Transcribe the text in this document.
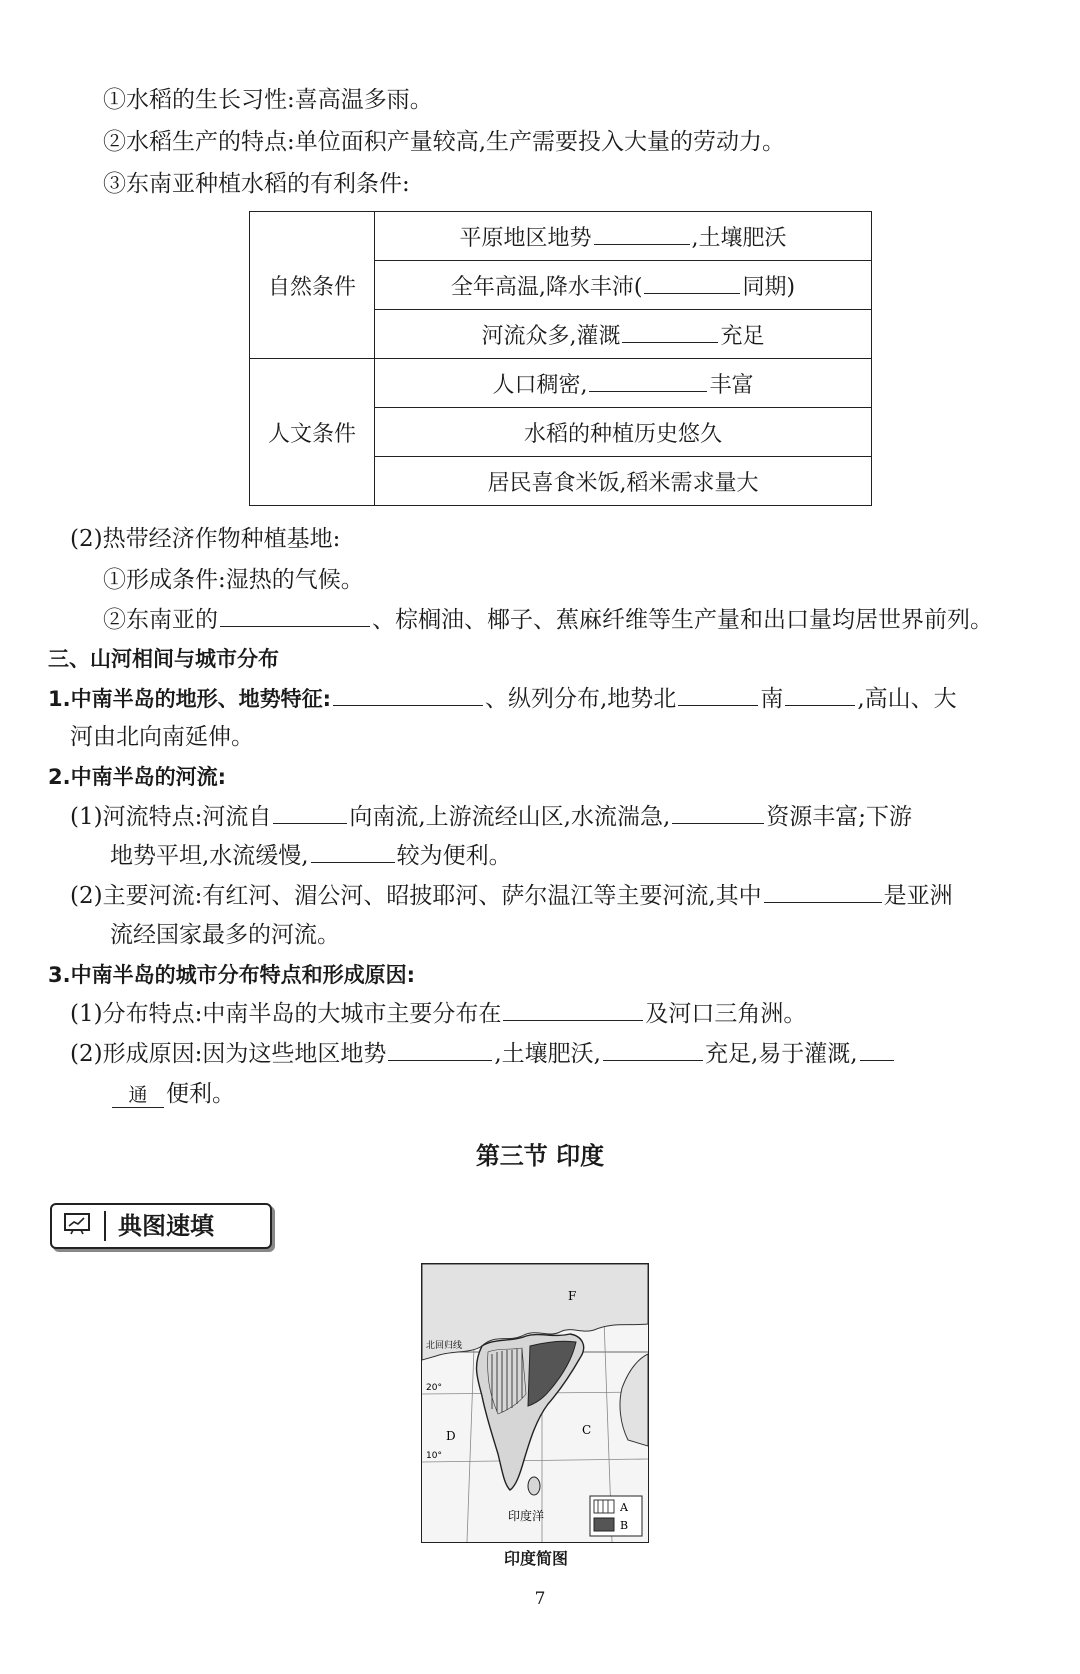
①水稻的生长习性:喜高温多雨。
②水稻生产的特点:单位面积产量较高,生产需要投入大量的劳动力。
③东南亚种植水稻的有利条件:
自然条件	平原地区地势 ,土壤肥沃
	全年高温,降水丰沛( 同期)
	河流众多,灌溉 充足
人文条件	人口稠密, 丰富
	水稻的种植历史悠久
	居民喜食米饭,稻米需求量大
(2)热带经济作物种植基地:
①形成条件:湿热的气候。
②东南亚的	、棕榈油、椰子、蕉麻纤维等生产量和出口量均居世界前列。
三、山河相间与城市分布
1.中南半岛的地形、地势特征:	、纵列分布,地势北	南	,高山、大
河由北向南延伸。
2.中南半岛的河流:
(1)河流特点:河流自	向南流,上游流经山区,水流湍急,	资源丰富;下游
地势平坦,水流缓慢,	较为便利。
(2)主要河流:有红河、湄公河、昭披耶河、萨尔温江等主要河流,其中	是亚洲
流经国家最多的河流。
3.中南半岛的城市分布特点和形成原因:
(1)分布特点:中南半岛的大城市主要分布在	及河口三角洲。
(2)形成原因:因为这些地区地势	,土壤肥沃,	充足,易于灌溉,
通 便利。
第三节 印度
典图速填
A
B
F
D	C
印度洋
北回归线
20°
10°
印度简图
7
